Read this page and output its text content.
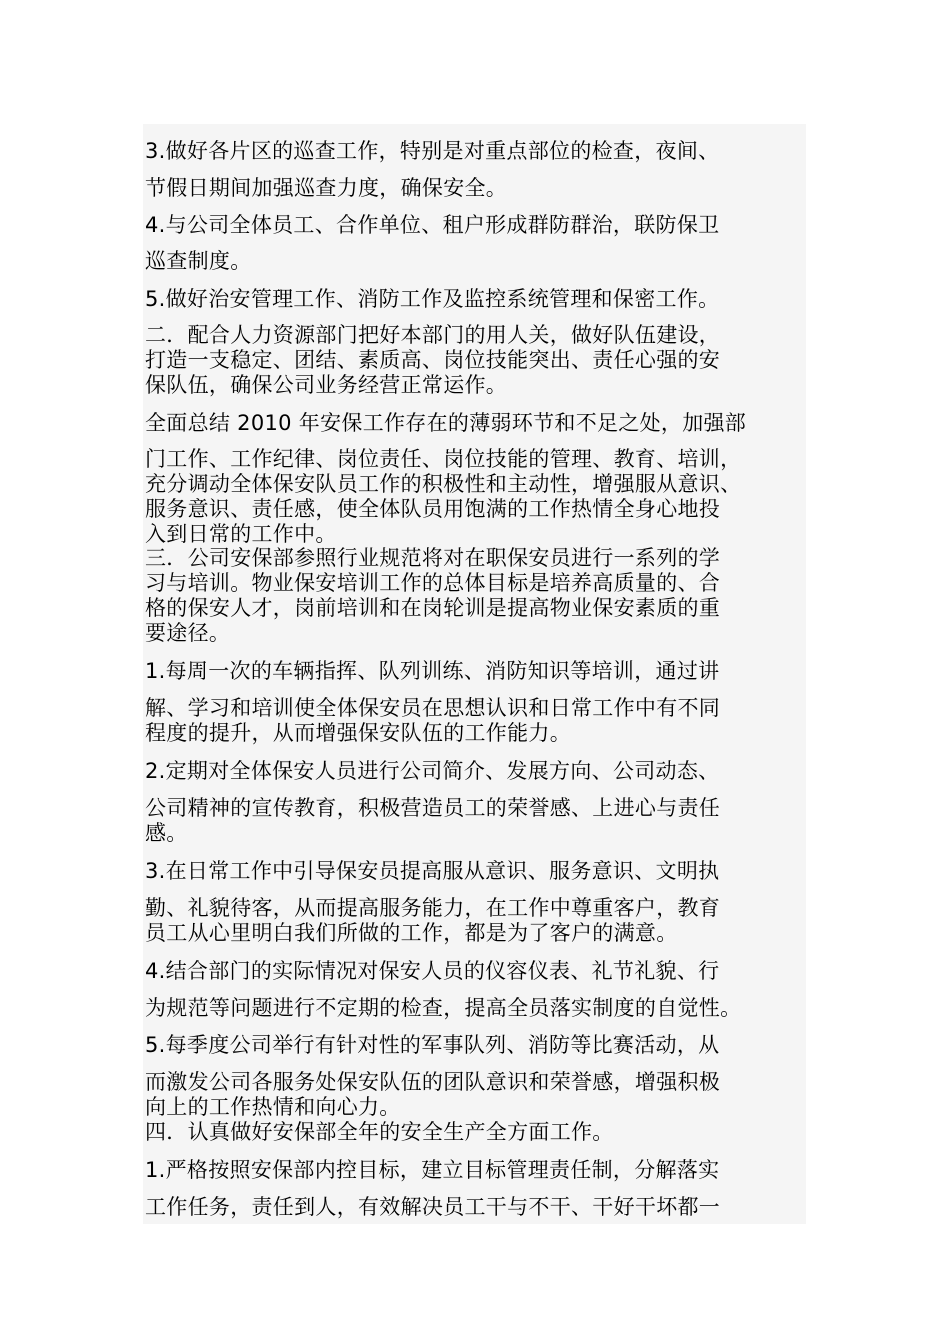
3.做好各片区的巡查工作，特别是对重点部位的检查，夜间、
节假日期间加强巡查力度，确保安全。
4.与公司全体员工、合作单位、租户形成群防群治，联防保卫
巡查制度。
5.做好治安管理工作、消防工作及监控系统管理和保密工作。
二．配合人力资源部门把好本部门的用人关，做好队伍建设，
打造一支稳定、团结、素质高、岗位技能突出、责任心强的安
保队伍，确保公司业务经营正常运作。
全面总结 2010 年安保工作存在的薄弱环节和不足之处，加强部
门工作、工作纪律、岗位责任、岗位技能的管理、教育、培训，
充分调动全体保安队员工作的积极性和主动性，增强服从意识、
服务意识、责任感，使全体队员用饱满的工作热情全身心地投
入到日常的工作中。
三．公司安保部参照行业规范将对在职保安员进行一系列的学
习与培训。物业保安培训工作的总体目标是培养高质量的、合
格的保安人才，岗前培训和在岗轮训是提高物业保安素质的重
要途径。
1.每周一次的车辆指挥、队列训练、消防知识等培训，通过讲
解、学习和培训使全体保安员在思想认识和日常工作中有不同
程度的提升，从而增强保安队伍的工作能力。
2.定期对全体保安人员进行公司简介、发展方向、公司动态、
公司精神的宣传教育，积极营造员工的荣誉感、上进心与责任
感。
3.在日常工作中引导保安员提高服从意识、服务意识、文明执
勤、礼貌待客，从而提高服务能力，在工作中尊重客户，教育
员工从心里明白我们所做的工作，都是为了客户的满意。
4.结合部门的实际情况对保安人员的仪容仪表、礼节礼貌、行
为规范等问题进行不定期的检查，提高全员落实制度的自觉性。
5.每季度公司举行有针对性的军事队列、消防等比赛活动，从
而激发公司各服务处保安队伍的团队意识和荣誉感，增强积极
向上的工作热情和向心力。
四．认真做好安保部全年的安全生产全方面工作。
1.严格按照安保部内控目标，建立目标管理责任制，分解落实
工作任务，责任到人，有效解决员工干与不干、干好干坏都一
